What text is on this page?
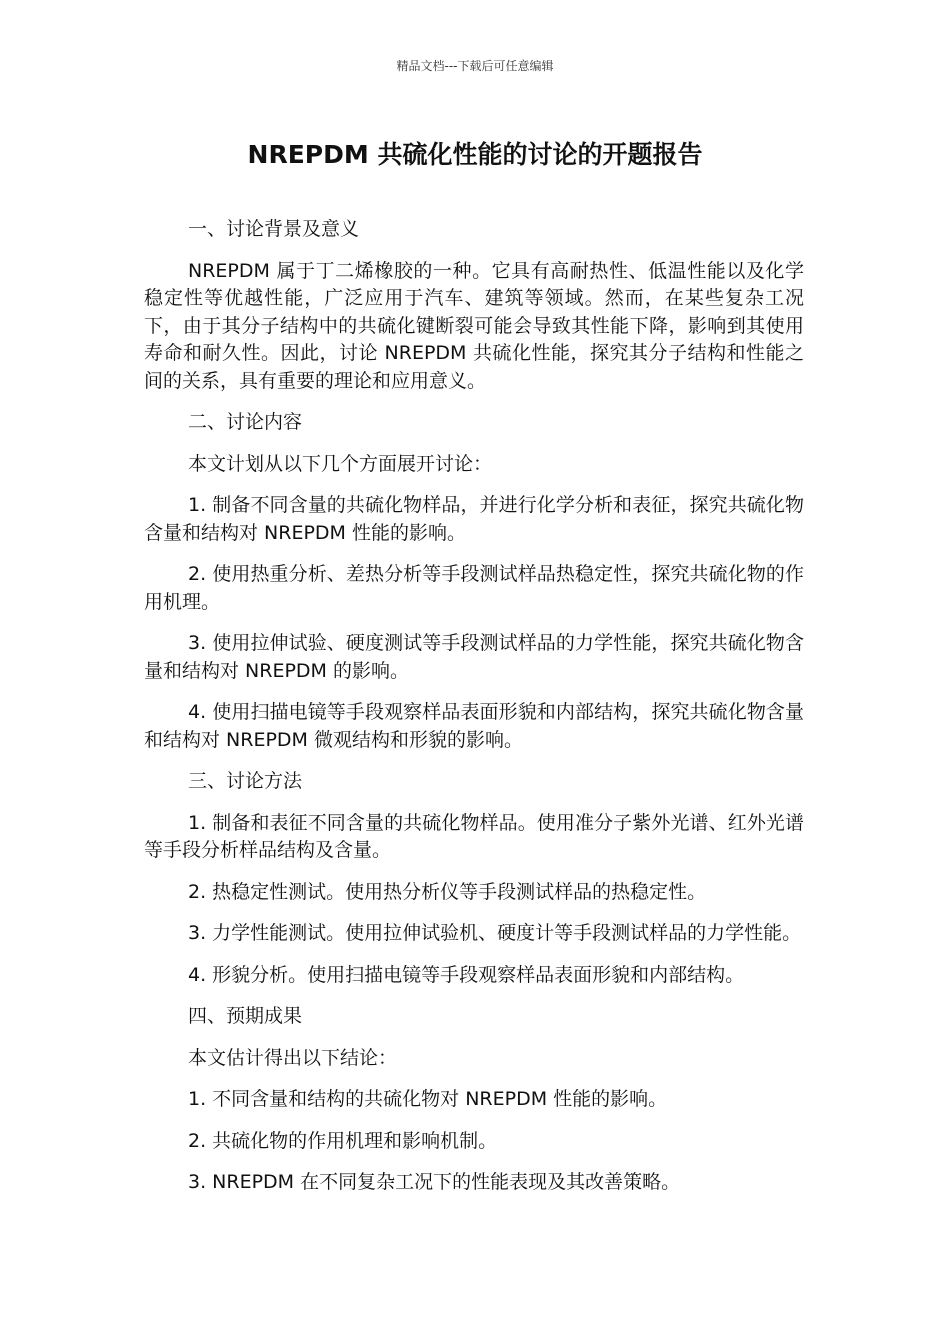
精品文档---下载后可任意编辑
NREPDM 共硫化性能的讨论的开题报告

一、讨论背景及意义

NREPDM 属于丁二烯橡胶的一种。它具有高耐热性、低温性能以及化学稳定性等优越性能，广泛应用于汽车、建筑等领域。然而，在某些复杂工况下，由于其分子结构中的共硫化键断裂可能会导致其性能下降，影响到其使用寿命和耐久性。因此，讨论 NREPDM 共硫化性能，探究其分子结构和性能之间的关系，具有重要的理论和应用意义。

二、讨论内容

本文计划从以下几个方面展开讨论：

1. 制备不同含量的共硫化物样品，并进行化学分析和表征，探究共硫化物含量和结构对 NREPDM 性能的影响。

2. 使用热重分析、差热分析等手段测试样品热稳定性，探究共硫化物的作用机理。

3. 使用拉伸试验、硬度测试等手段测试样品的力学性能，探究共硫化物含量和结构对 NREPDM 的影响。

4. 使用扫描电镜等手段观察样品表面形貌和内部结构，探究共硫化物含量和结构对 NREPDM 微观结构和形貌的影响。

三、讨论方法

1. 制备和表征不同含量的共硫化物样品。使用准分子紫外光谱、红外光谱等手段分析样品结构及含量。

2. 热稳定性测试。使用热分析仪等手段测试样品的热稳定性。

3. 力学性能测试。使用拉伸试验机、硬度计等手段测试样品的力学性能。

4. 形貌分析。使用扫描电镜等手段观察样品表面形貌和内部结构。

四、预期成果

本文估计得出以下结论：

1. 不同含量和结构的共硫化物对 NREPDM 性能的影响。

2. 共硫化物的作用机理和影响机制。

3. NREPDM 在不同复杂工况下的性能表现及其改善策略。
